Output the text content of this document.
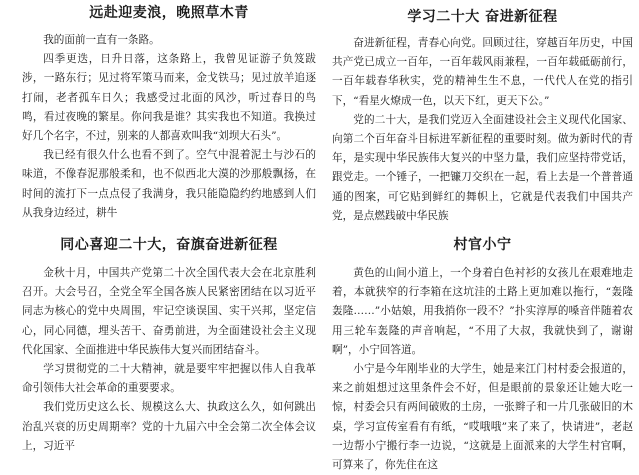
远赴迎麦浪，晚照草木青

我的面前一直有一条路。

四季更迭，日升日落，这条路上，我曾见证游子负笈跋涉，一路东行；见过将军策马而来，金戈铁马；见过放羊追逐打闹，老者孤车日久；我感受过北面的风沙，听过春日的鸟鸣，看过夜晚的繁星。你问我是谁？其实我也不知道。我换过好几个名字，不过，别来的人都喜欢叫我“刘坝大石头”。

我已经有很久什么也看不到了。空气中混着泥土与沙石的味道，不像春泥那般柔和，也不似西北大漠的沙那般飘扬，在时间的流打下一点点侵了我满身，我只能隐隐约约地感到人们从我身边经过，耕牛

同心喜迎二十大，奋旗奋进新征程

金秋十月，中国共产党第二十次全国代表大会在北京胜利召开。大会号召，全党全军全国各族人民紧密团结在以习近平同志为核心的党中央周围，牢记空谈误国、实干兴邦，坚定信心，同心同德，埋头苦干、奋勇前进，为全面建设社会主义现代化国家、全面推进中华民族伟大复兴而团结奋斗。

学习贯彻党的二十大精神，就是要牢牢把握以伟人自我革命引领伟大社会革命的重要要求。

我们党历史这么长、规模这么大、执政这么久，如何跳出治乱兴衰的历史周期率？党的十九届六中全会第二次全体会议上，习近平

学习二十大 奋进新征程

奋进新征程，青春心向党。回顾过往，穿越百年历史，中国共产党已成立一百年，一百年载风雨兼程，一百年载砥砺前行，一百年载春华秋实，党的精神生生不息，一代代人在党的指引下，“看星火燎成一色，以天下红，更天下公。”

党的二十大，是我们党迈入全面建设社会主义现代化国家、向第二个百年奋斗目标进军新征程的重要时刻。做为新时代的青年，是实现中华民族伟大复兴的中坚力量，我们应坚持带党话，跟党走。一个锤子，一把镰刀交织在一起，看上去是一个普普通通的图案，可它贴到鲜红的舞帜上，它就是代表我们中国共产党，是点燃践破中华民族

村官小宁

黄色的山间小道上，一个身着白色衬衫的女孩儿在艰难地走着，本就狭窄的行李箱在这坑洼的土路上更加难以拖行，“轰隆轰隆……”小姑娘，用我捎你一段不？”扑实淳厚的嗓音伴随着农用三轮车轰隆的声音响起，“不用了大叔，我就快到了，谢谢啊”，小宁回答道。

小宁是今年刚毕业的大学生，她是来江门村村委会报道的，来之前姐想过这里条件会不好，但是眼前的景象还让她大吃一惊，村委会只有两间破败的土房，一张辫子和一片几张破旧的木桌，学习宣传室看有有纸，“哎哦哦”来了来了，快请进”，老赵一边帮小宁搬行李一边说，“这就是上面派来的大学生村官啊，可算来了，你先住在这
